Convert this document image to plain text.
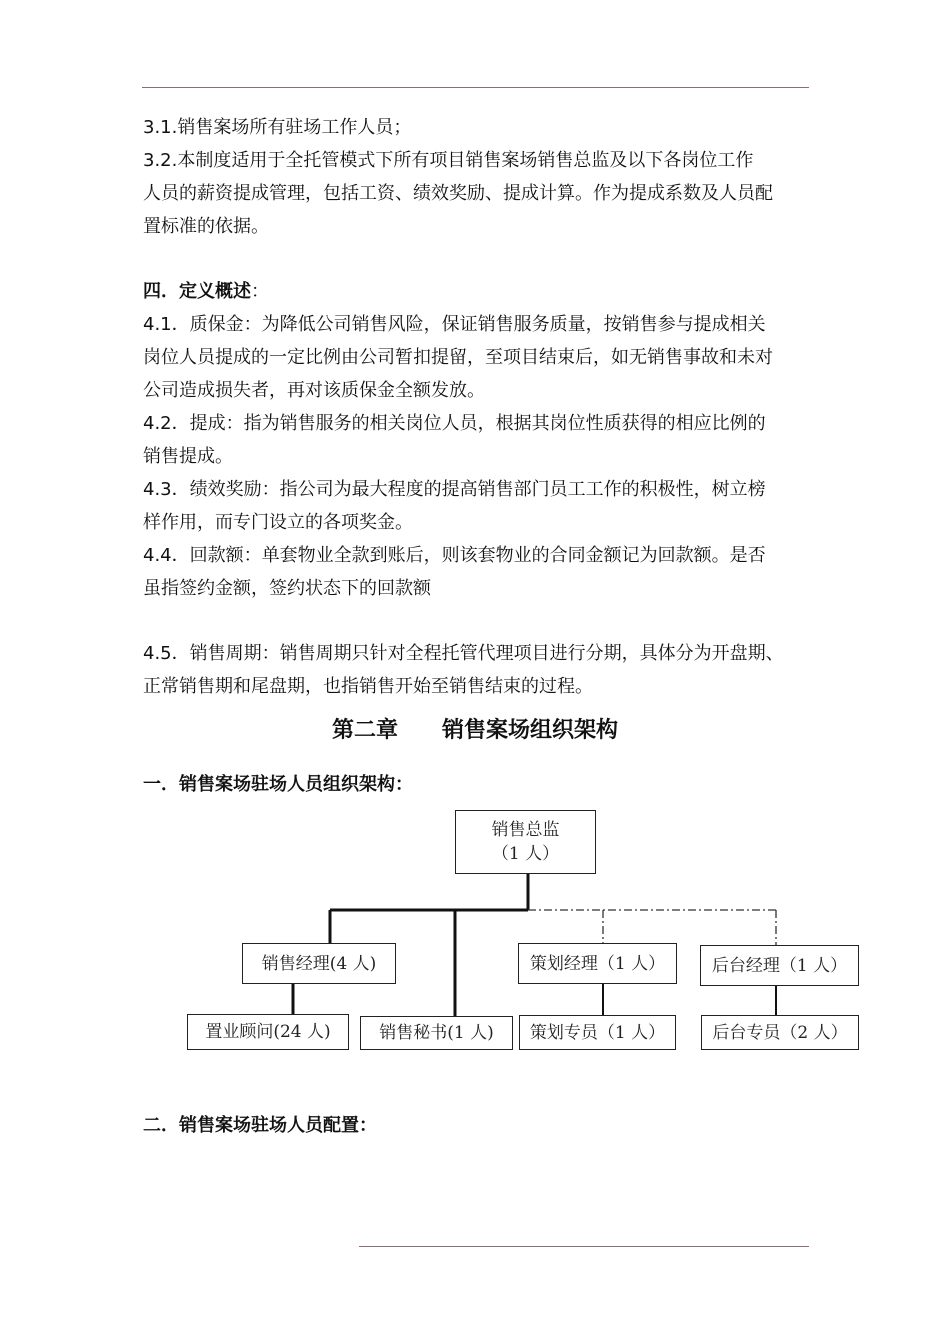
3.1.销售案场所有驻场工作人员；
3.2.本制度适用于全托管模式下所有项目销售案场销售总监及以下各岗位工作
人员的薪资提成管理，包括工资、绩效奖励、提成计算。作为提成系数及人员配
置标准的依据。
四．定义概述：
4.1．质保金：为降低公司销售风险，保证销售服务质量，按销售参与提成相关
岗位人员提成的一定比例由公司暂扣提留，至项目结束后，如无销售事故和未对
公司造成损失者，再对该质保金全额发放。
4.2．提成：指为销售服务的相关岗位人员，根据其岗位性质获得的相应比例的
销售提成。
4.3．绩效奖励：指公司为最大程度的提高销售部门员工工作的积极性，树立榜
样作用，而专门设立的各项奖金。
4.4．回款额：单套物业全款到账后，则该套物业的合同金额记为回款额。是否
虽指签约金额，签约状态下的回款额
4.5．销售周期：销售周期只针对全程托管代理项目进行分期，具体分为开盘期、
正常销售期和尾盘期，也指销售开始至销售结束的过程。
第二章 销售案场组织架构
一．销售案场驻场人员组织架构：
销售总监
（1 人）
销售经理(4 人)	策划经理（1 人）	后台经理（1 人）
置业顾问(24 人)	销售秘书(1 人)	策划专员（1 人）	后台专员（2 人）
二．销售案场驻场人员配置：
